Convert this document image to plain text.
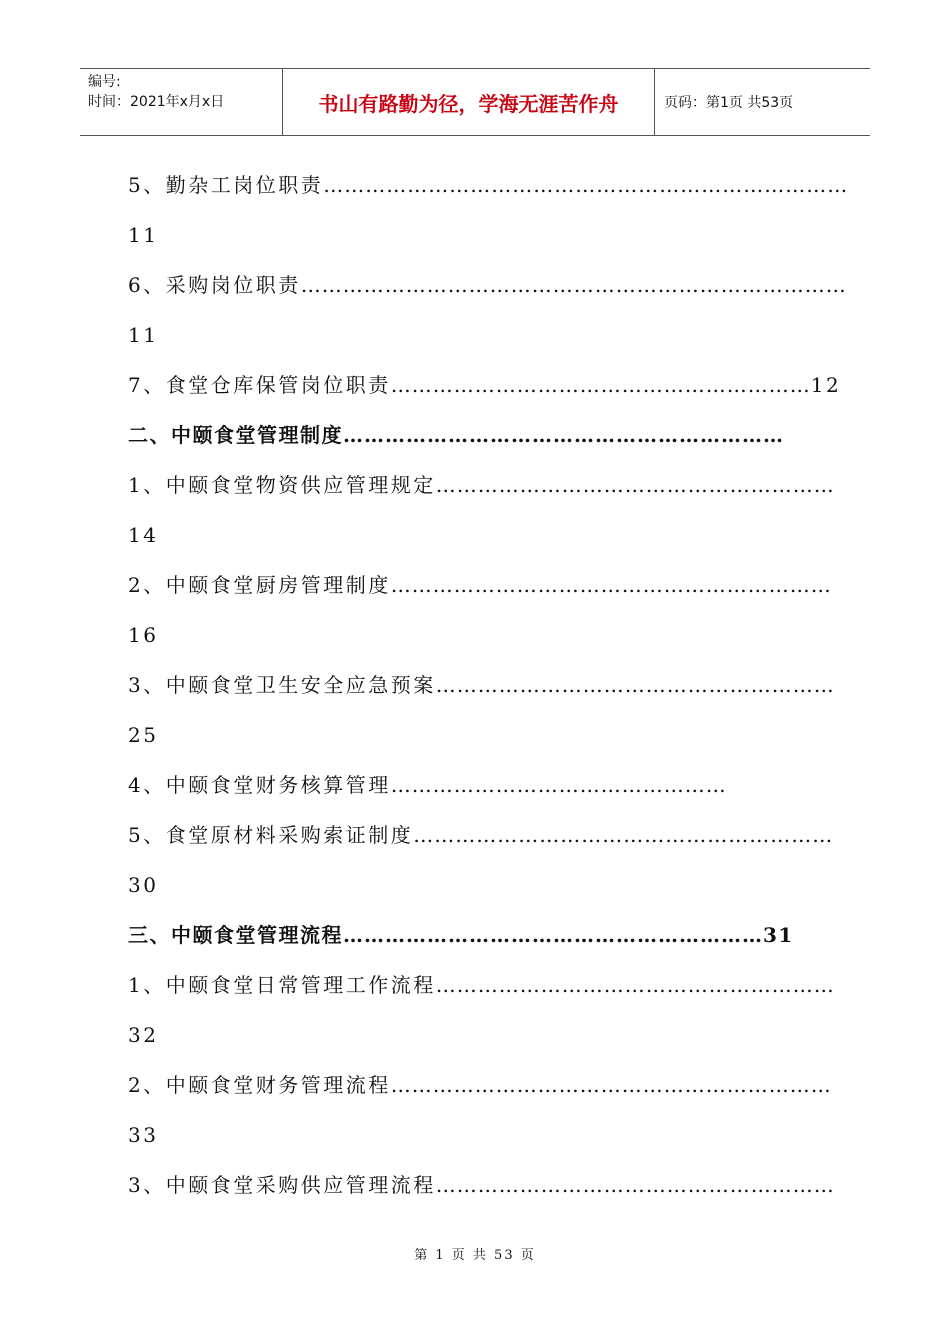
编号:
时间：2021年x月x日	书山有路勤为径，学海无涯苦作舟	页码：第1页 共53页
5、勤杂工岗位职责…………………………………………………………………
11
6、采购岗位职责……………………………………………………………………
11
7、食堂仓库保管岗位职责……………………………………………………12
二、中颐食堂管理制度………………………………………………………
1、中颐食堂物资供应管理规定…………………………………………………
14
2、中颐食堂厨房管理制度………………………………………………………
16
3、中颐食堂卫生安全应急预案…………………………………………………
25
4、中颐食堂财务核算管理…………………………………………
5、食堂原材料采购索证制度……………………………………………………
30
三、中颐食堂管理流程……………………………………………………31
1、中颐食堂日常管理工作流程…………………………………………………
32
2、中颐食堂财务管理流程………………………………………………………
33
3、中颐食堂采购供应管理流程…………………………………………………
第 1 页 共 53 页
